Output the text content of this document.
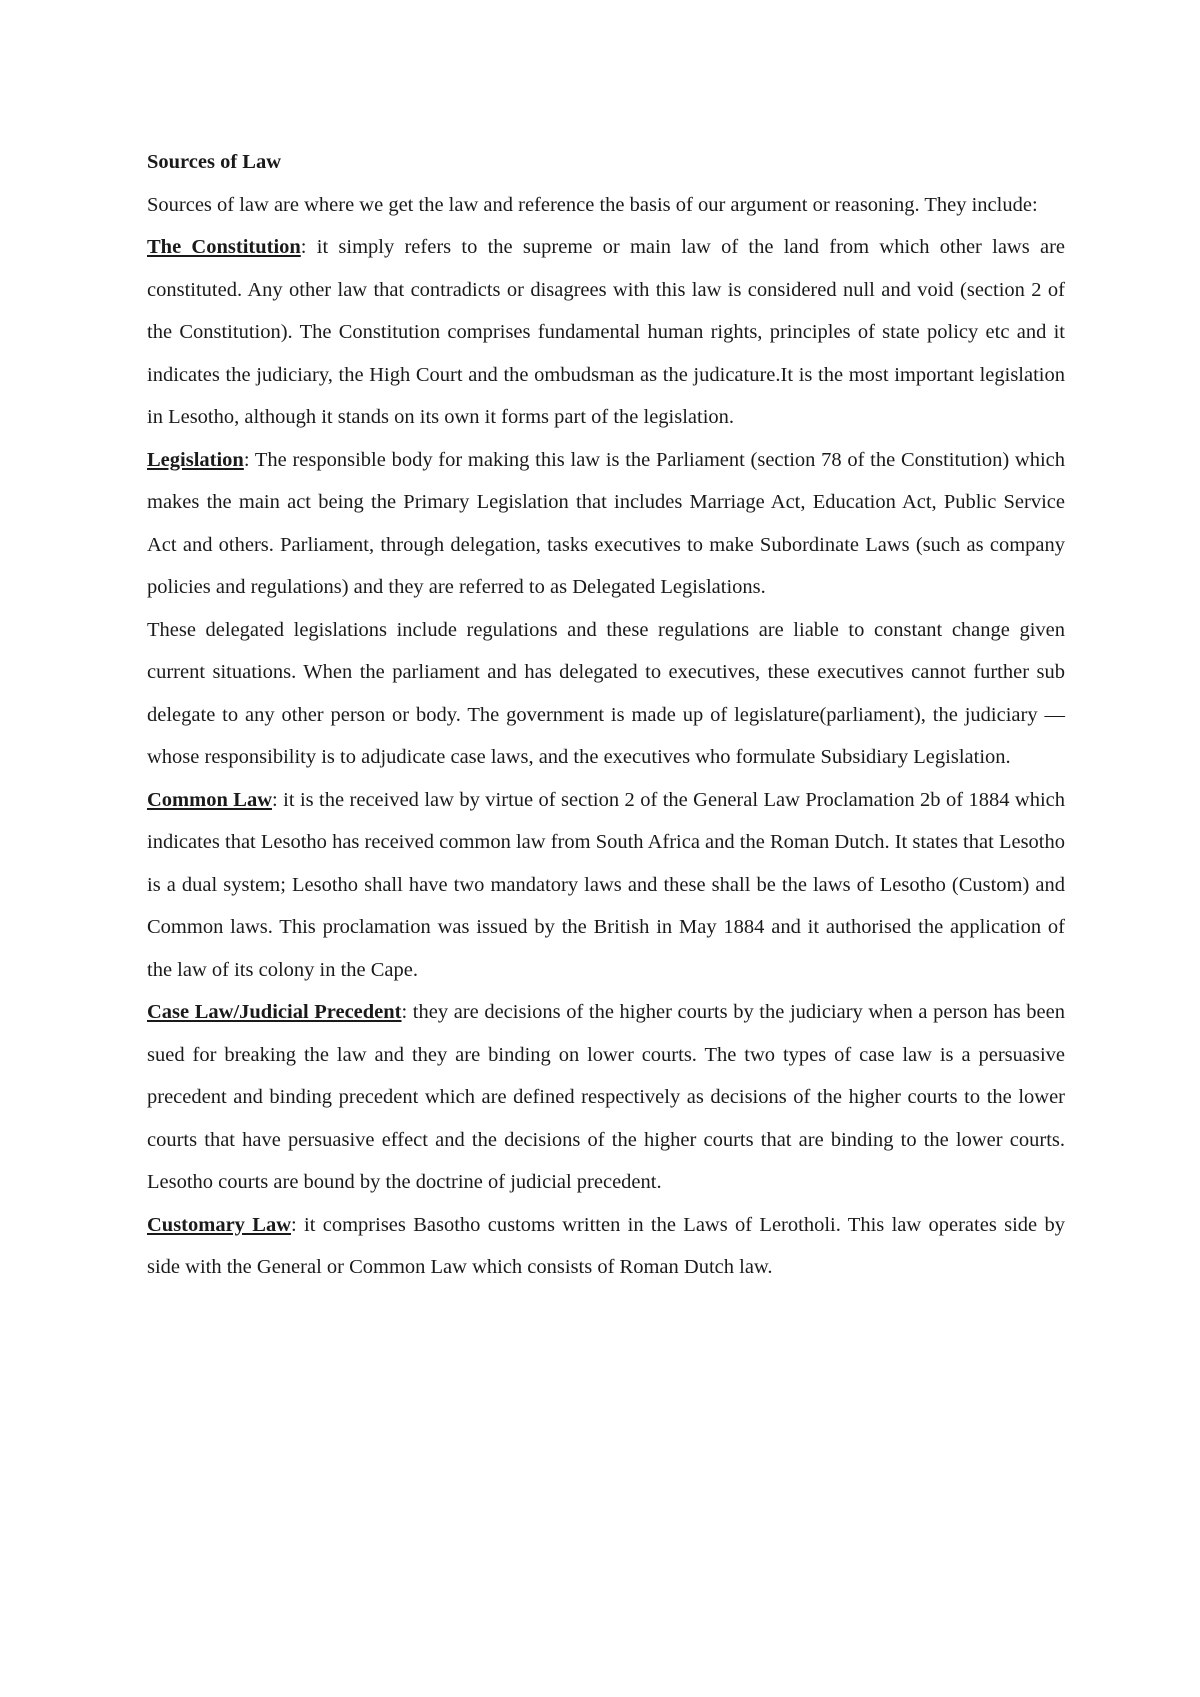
Sources of Law

Sources of law are where we get the law and reference the basis of our argument or reasoning. They include:

The Constitution: it simply refers to the supreme or main law of the land from which other laws are constituted. Any other law that contradicts or disagrees with this law is considered null and void (section 2 of the Constitution). The Constitution comprises fundamental human rights, principles of state policy etc and it indicates the judiciary, the High Court and the ombudsman as the judicature.It is the most important legislation in Lesotho, although it stands on its own it forms part of the legislation.

Legislation: The responsible body for making this law is the Parliament (section 78 of the Constitution) which makes the main act being the Primary Legislation that includes Marriage Act, Education Act, Public Service Act and others. Parliament, through delegation, tasks executives to make Subordinate Laws (such as company policies and regulations) and they are referred to as Delegated Legislations.

These delegated legislations include regulations and these regulations are liable to constant change given current situations. When the parliament and has delegated to executives, these executives cannot further sub delegate to any other person or body. The government is made up of legislature(parliament), the judiciary —whose responsibility is to adjudicate case laws, and the executives who formulate Subsidiary Legislation.

Common Law: it is the received law by virtue of section 2 of the General Law Proclamation 2b of 1884 which indicates that Lesotho has received common law from South Africa and the Roman Dutch. It states that Lesotho is a dual system; Lesotho shall have two mandatory laws and these shall be the laws of Lesotho (Custom) and Common laws. This proclamation was issued by the British in May 1884 and it authorised the application of the law of its colony in the Cape.

Case Law/Judicial Precedent: they are decisions of the higher courts by the judiciary when a person has been sued for breaking the law and they are binding on lower courts. The two types of case law is a persuasive precedent and binding precedent which are defined respectively as decisions of the higher courts to the lower courts that have persuasive effect and the decisions of the higher courts that are binding to the lower courts. Lesotho courts are bound by the doctrine of judicial precedent.

Customary Law: it comprises Basotho customs written in the Laws of Lerotholi. This law operates side by side with the General or Common Law which consists of Roman Dutch law.
